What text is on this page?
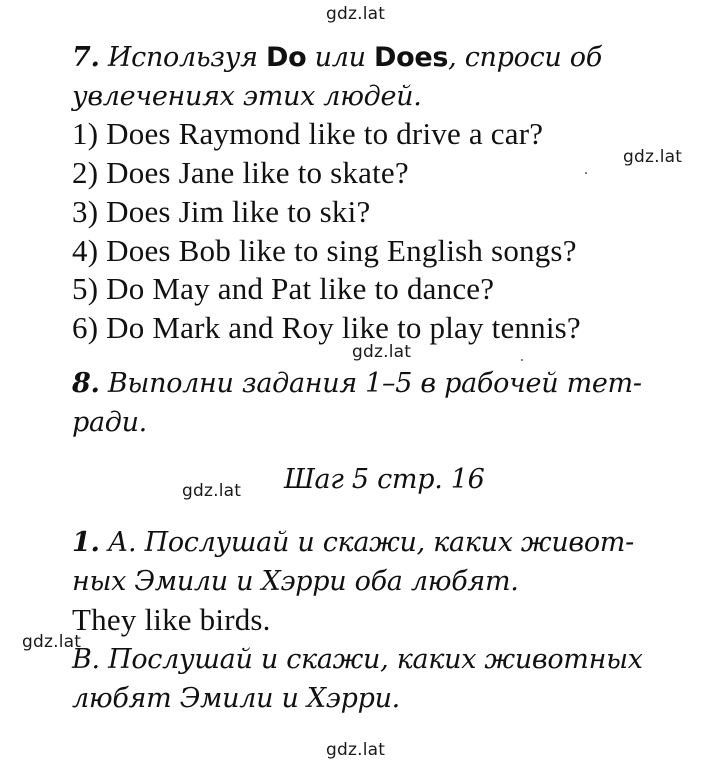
gdz.lat
gdz.lat
gdz.lat
gdz.lat
gdz.lat
gdz.lat
7. Используя Do или Does, спроси об
увлечениях этих людей.
1) Does Raymond like to drive a car?
2) Does Jane like to skate?
3) Does Jim like to ski?
4) Does Bob like to sing English songs?
5) Do May and Pat like to dance?
6) Do Mark and Roy like to play tennis?
8. Выполни задания 1–5 в рабочей тет-
ради.
Шаг 5 стр. 16
1. А. Послушай и скажи, каких живот-
ных Эмили и Хэрри оба любят.
They like birds.
В. Послушай и скажи, каких животных
любят Эмили и Хэрри.
